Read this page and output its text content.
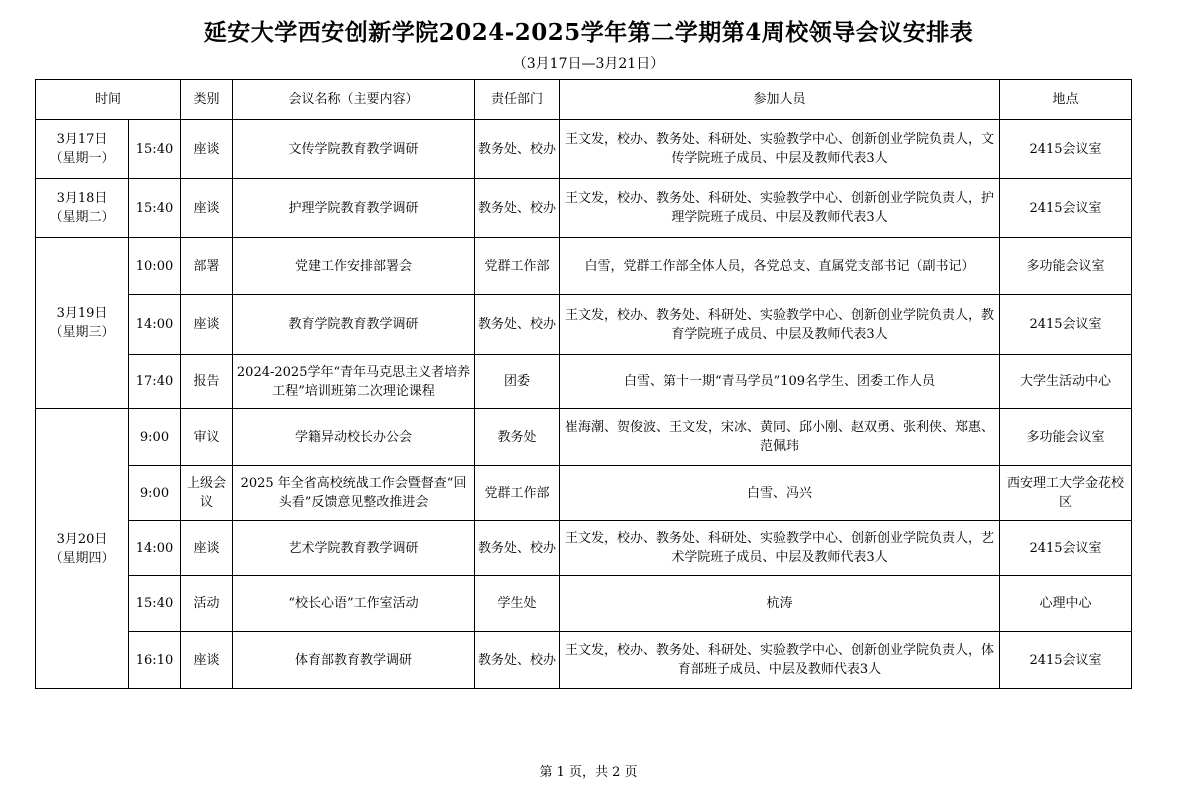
延安大学西安创新学院2024-2025学年第二学期第4周校领导会议安排表
（3月17日—3月21日）
时间		类别	会议名称（主要内容）	责任部门	参加人员	地点
3月17日
（星期一）	15:40	座谈	文传学院教育教学调研	教务处、校办	王文发，校办、教务处、科研处、实验教学中心、创新创业学院负责人，文传学院班子成员、中层及教师代表3人	2415会议室
3月18日
（星期二）	15:40	座谈	护理学院教育教学调研	教务处、校办	王文发，校办、教务处、科研处、实验教学中心、创新创业学院负责人，护理学院班子成员、中层及教师代表3人	2415会议室
3月19日
（星期三）	10:00	部署	党建工作安排部署会	党群工作部	白雪，党群工作部全体人员，各党总支、直属党支部书记（副书记）	多功能会议室
	14:00	座谈	教育学院教育教学调研	教务处、校办	王文发，校办、教务处、科研处、实验教学中心、创新创业学院负责人，教育学院班子成员、中层及教师代表3人	2415会议室
	17:40	报告	2024-2025学年“青年马克思主义者培养工程”培训班第二次理论课程	团委	白雪、第十一期“青马学员”109名学生、团委工作人员	大学生活动中心
3月20日
（星期四）	9:00	审议	学籍异动校长办公会	教务处	崔海潮、贺俊波、王文发，宋冰、黄同、邱小刚、赵双勇、张利侠、郑惠、范佩玮	多功能会议室
	9:00	上级会议	2025 年全省高校统战工作会暨督查“回头看”反馈意见整改推进会	党群工作部	白雪、冯兴	西安理工大学金花校区
	14:00	座谈	艺术学院教育教学调研	教务处、校办	王文发，校办、教务处、科研处、实验教学中心、创新创业学院负责人，艺术学院班子成员、中层及教师代表3人	2415会议室
	15:40	活动	“校长心语”工作室活动	学生处	杭涛	心理中心
	16:10	座谈	体育部教育教学调研	教务处、校办	王文发，校办、教务处、科研处、实验教学中心、创新创业学院负责人，体育部班子成员、中层及教师代表3人	2415会议室
第 1 页，共 2 页
